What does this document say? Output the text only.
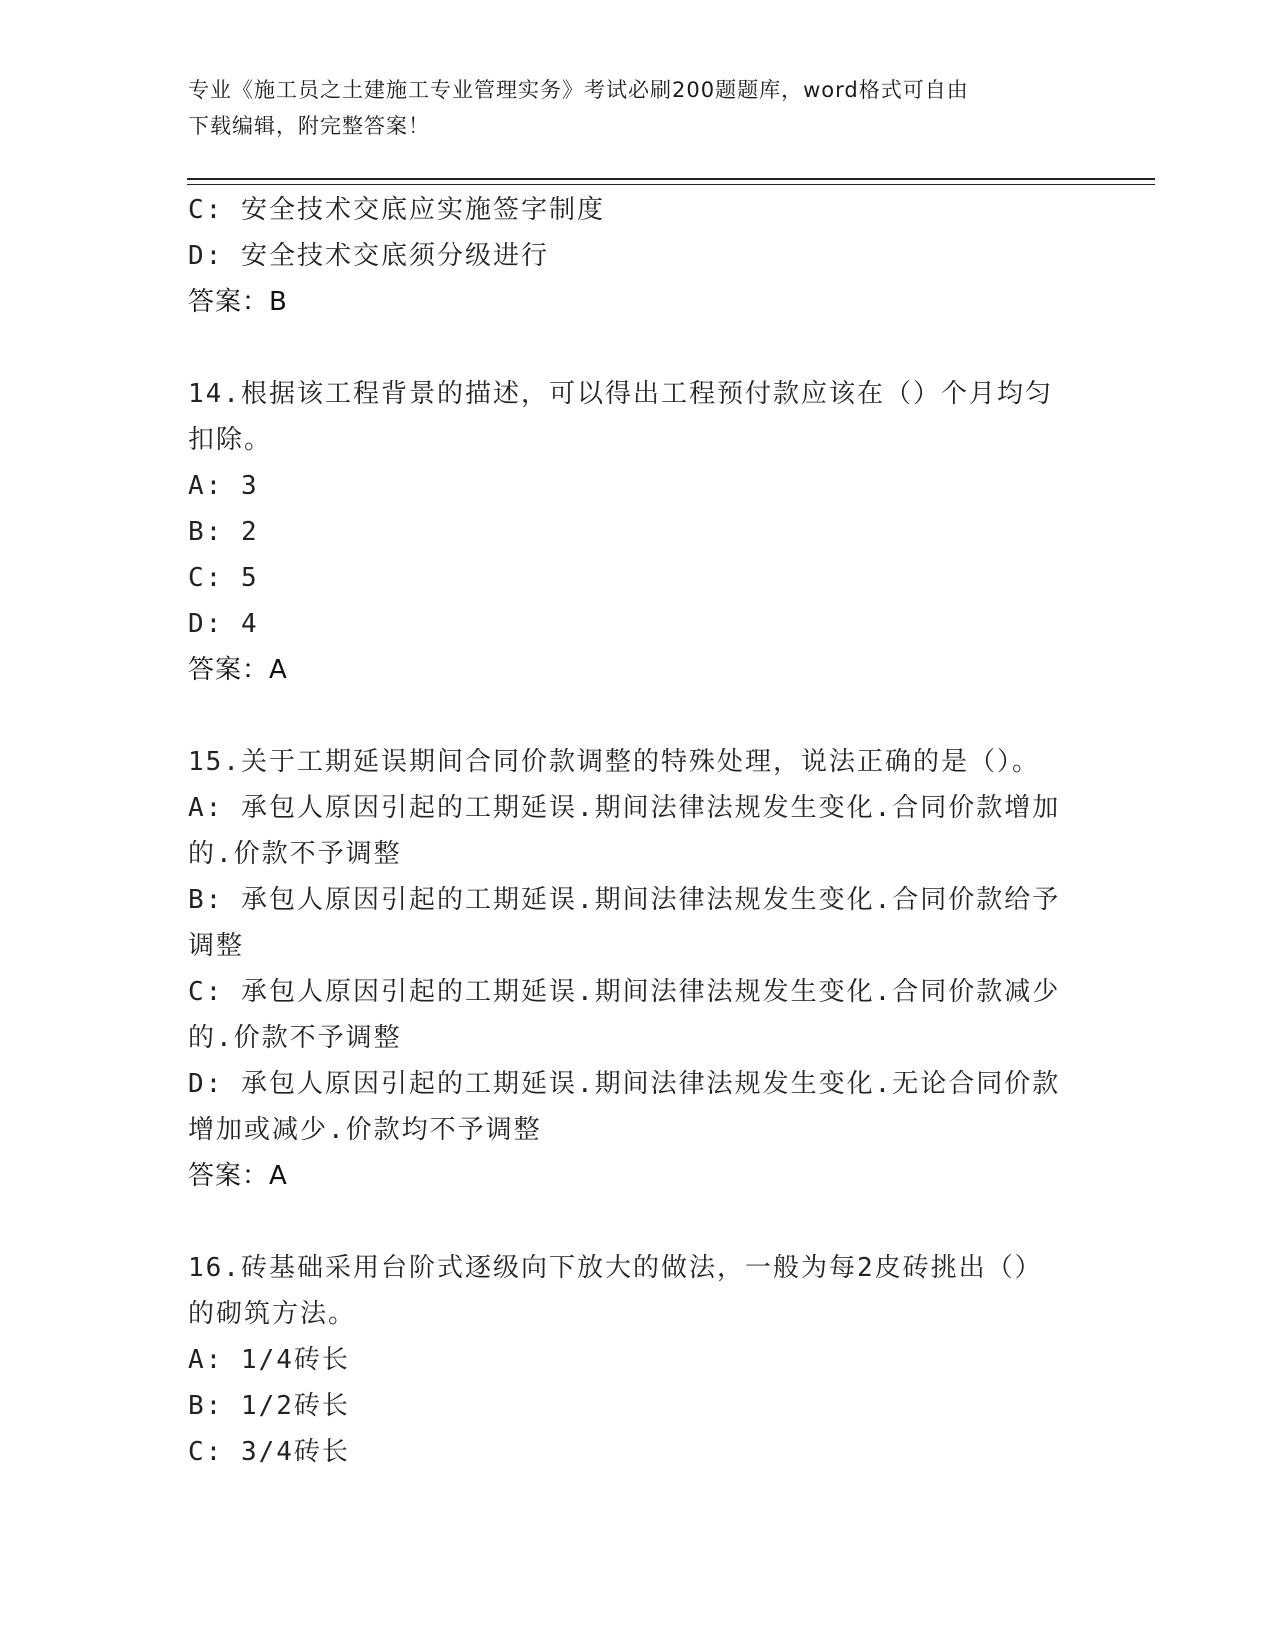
专业《施工员之土建施工专业管理实务》考试必刷200题题库，word格式可自由
下载编辑，附完整答案！
C: 安全技术交底应实施签字制度
D: 安全技术交底须分级进行
答案：B
14.根据该工程背景的描述，可以得出工程预付款应该在（）个月均匀
扣除。
A: 3
B: 2
C: 5
D: 4
答案：A
15.关于工期延误期间合同价款调整的特殊处理，说法正确的是（）。
A: 承包人原因引起的工期延误.期间法律法规发生变化.合同价款增加
的.价款不予调整
B: 承包人原因引起的工期延误.期间法律法规发生变化.合同价款给予
调整
C: 承包人原因引起的工期延误.期间法律法规发生变化.合同价款减少
的.价款不予调整
D: 承包人原因引起的工期延误.期间法律法规发生变化.无论合同价款
增加或减少.价款均不予调整
答案：A
16.砖基础采用台阶式逐级向下放大的做法，一般为每2皮砖挑出（）
的砌筑方法。
A: 1/4砖长
B: 1/2砖长
C: 3/4砖长
